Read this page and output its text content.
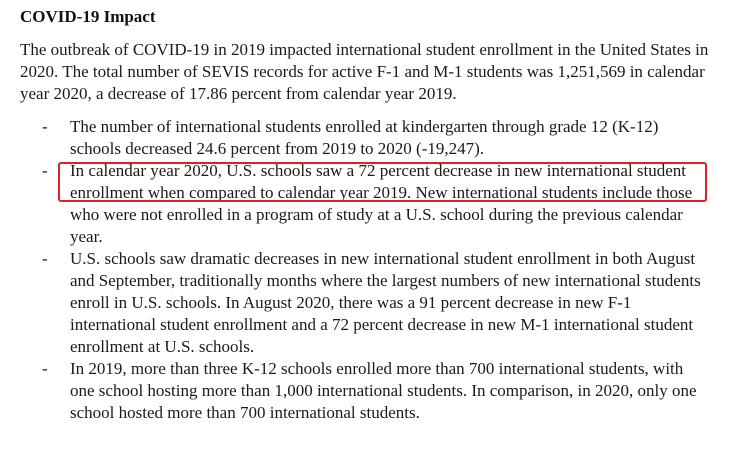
COVID-19 Impact

The outbreak of COVID-19 in 2019 impacted international student enrollment in the United States in 2020. The total number of SEVIS records for active F-1 and M-1 students was 1,251,569 in calendar year 2020, a decrease of 17.86 percent from calendar year 2019.

-	The number of international students enrolled at kindergarten through grade 12 (K-12) schools decreased 24.6 percent from 2019 to 2020 (-19,247).
-	In calendar year 2020, U.S. schools saw a 72 percent decrease in new international student enrollment when compared to calendar year 2019. New international students include those who were not enrolled in a program of study at a U.S. school during the previous calendar year.
-	U.S. schools saw dramatic decreases in new international student enrollment in both August and September, traditionally months where the largest numbers of new international students enroll in U.S. schools. In August 2020, there was a 91 percent decrease in new F-1 international student enrollment and a 72 percent decrease in new M-1 international student enrollment at U.S. schools.
-	In 2019, more than three K-12 schools enrolled more than 700 international students, with one school hosting more than 1,000 international students. In comparison, in 2020, only one school hosted more than 700 international students.
